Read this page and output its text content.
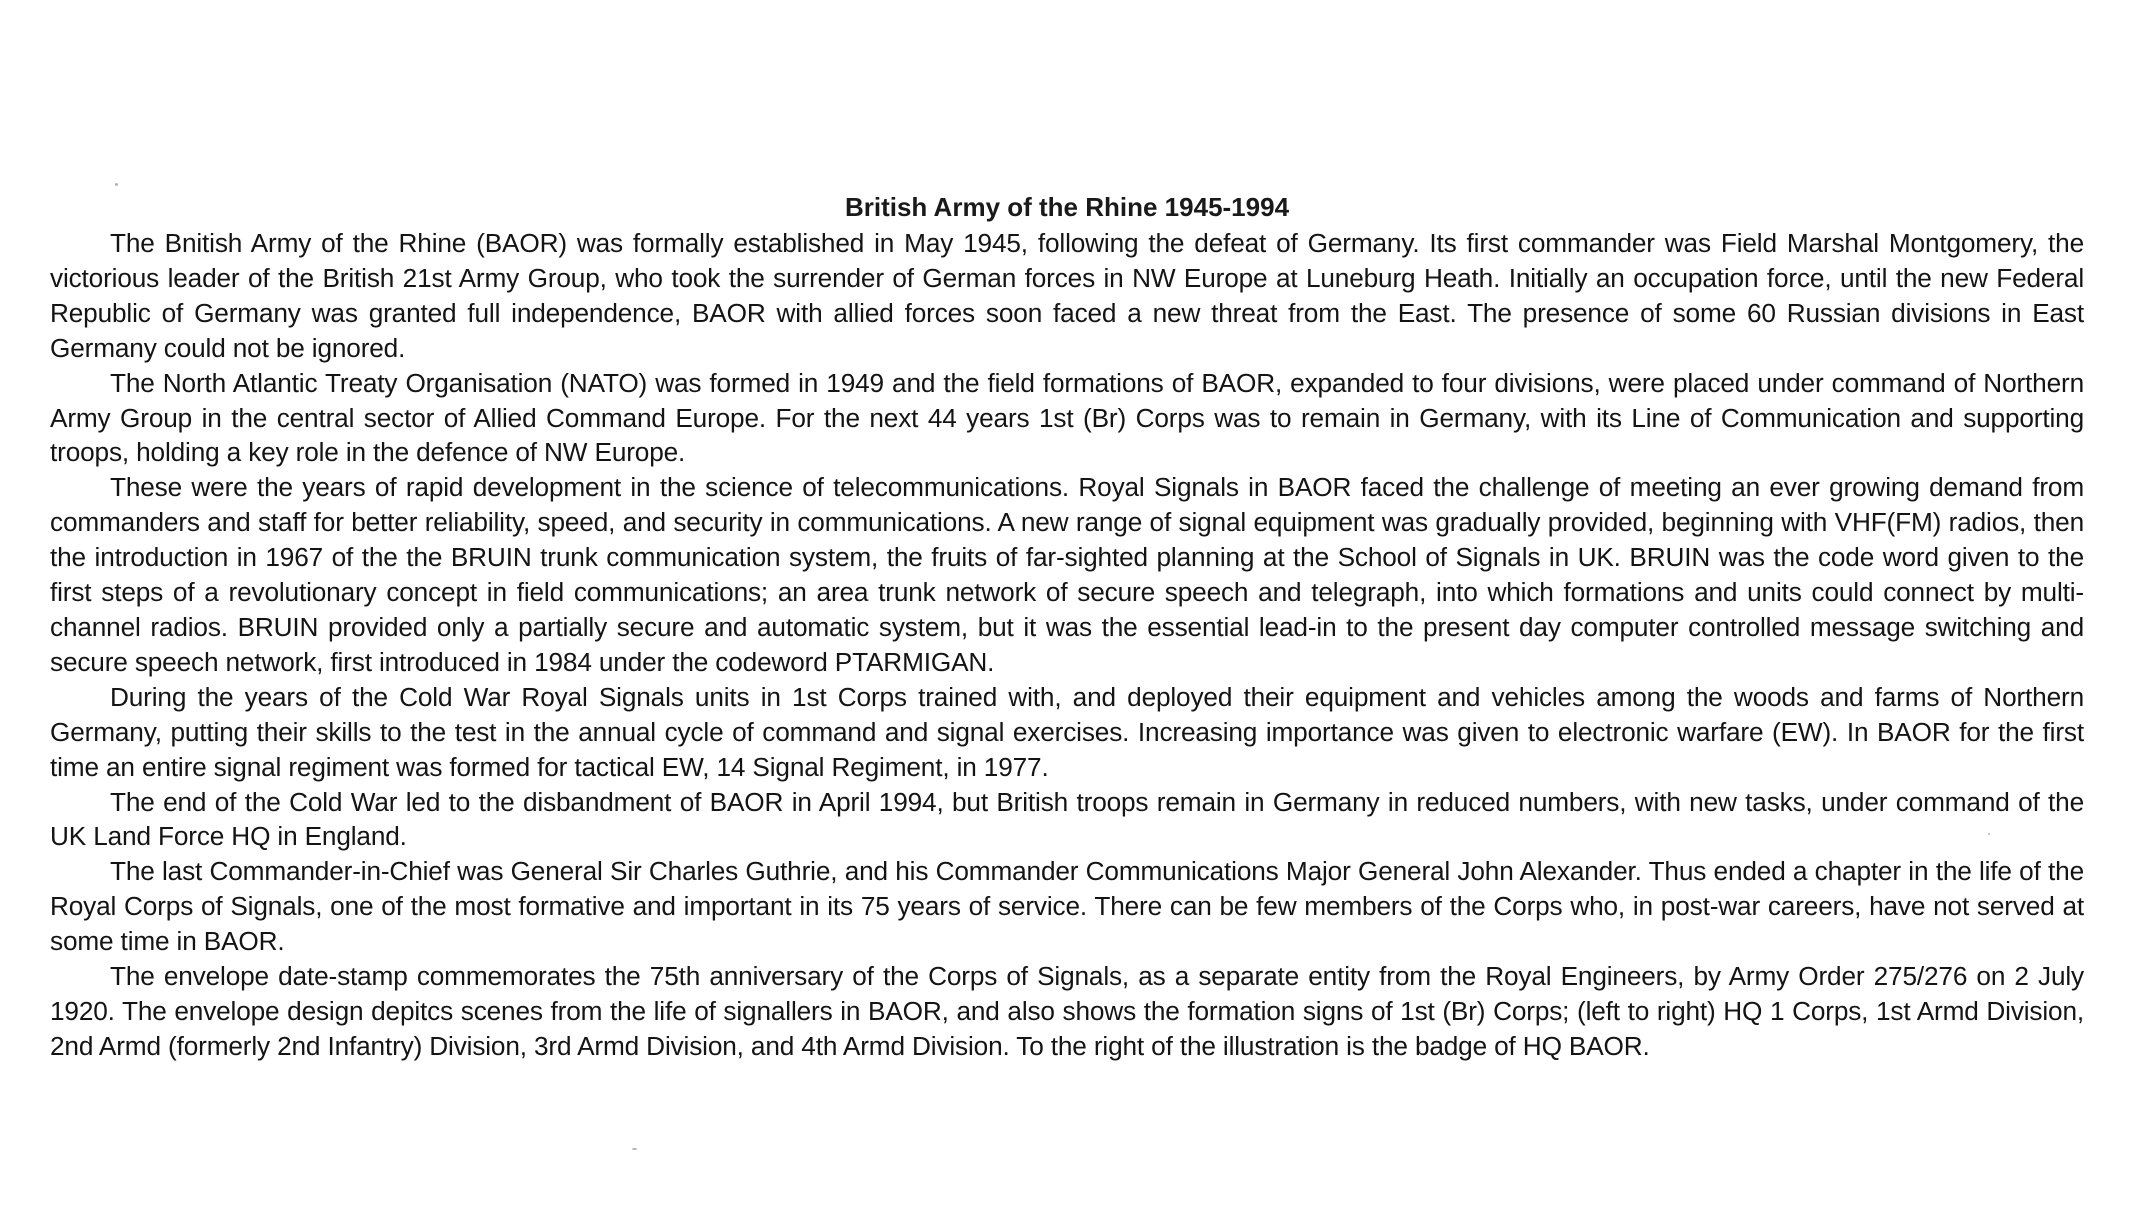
British Army of the Rhine 1945-1994

The Bnitish Army of the Rhine (BAOR) was formally established in May 1945, following the defeat of Germany. Its first commander was Field Marshal Montgomery, the victorious leader of the British 21st Army Group, who took the surrender of German forces in NW Europe at Luneburg Heath. Initially an occupation force, until the new Federal Republic of Germany was granted full independence, BAOR with allied forces soon faced a new threat from the East. The presence of some 60 Russian divisions in East Germany could not be ignored.

The North Atlantic Treaty Organisation (NATO) was formed in 1949 and the field formations of BAOR, expanded to four divisions, were placed under command of Northern Army Group in the central sector of Allied Command Europe. For the next 44 years 1st (Br) Corps was to remain in Germany, with its Line of Communication and supporting troops, holding a key role in the defence of NW Europe.

These were the years of rapid development in the science of telecommunications. Royal Signals in BAOR faced the challenge of meeting an ever growing demand from commanders and staff for better reliability, speed, and security in communications. A new range of signal equipment was gradually provided, beginning with VHF(FM) radios, then the introduction in 1967 of the the BRUIN trunk communication system, the fruits of far-sighted planning at the School of Signals in UK. BRUIN was the code word given to the first steps of a revolutionary concept in field communications; an area trunk network of secure speech and telegraph, into which formations and units could connect by multi-channel radios. BRUIN provided only a partially secure and automatic system, but it was the essential lead-in to the present day computer controlled message switching and secure speech network, first introduced in 1984 under the codeword PTARMIGAN.

During the years of the Cold War Royal Signals units in 1st Corps trained with, and deployed their equipment and vehicles among the woods and farms of Northern Germany, putting their skills to the test in the annual cycle of command and signal exercises. Increasing importance was given to electronic warfare (EW). In BAOR for the first time an entire signal regiment was formed for tactical EW, 14 Signal Regiment, in 1977.

The end of the Cold War led to the disbandment of BAOR in April 1994, but British troops remain in Germany in reduced numbers, with new tasks, under command of the UK Land Force HQ in England.

The last Commander-in-Chief was General Sir Charles Guthrie, and his Commander Communications Major General John Alexander. Thus ended a chapter in the life of the Royal Corps of Signals, one of the most formative and important in its 75 years of service. There can be few members of the Corps who, in post-war careers, have not served at some time in BAOR.

The envelope date-stamp commemorates the 75th anniversary of the Corps of Signals, as a separate entity from the Royal Engineers, by Army Order 275/276 on 2 July 1920. The envelope design depitcs scenes from the life of signallers in BAOR, and also shows the formation signs of 1st (Br) Corps; (left to right) HQ 1 Corps, 1st Armd Division, 2nd Armd (formerly 2nd Infantry) Division, 3rd Armd Division, and 4th Armd Division. To the right of the illustration is the badge of HQ BAOR.
